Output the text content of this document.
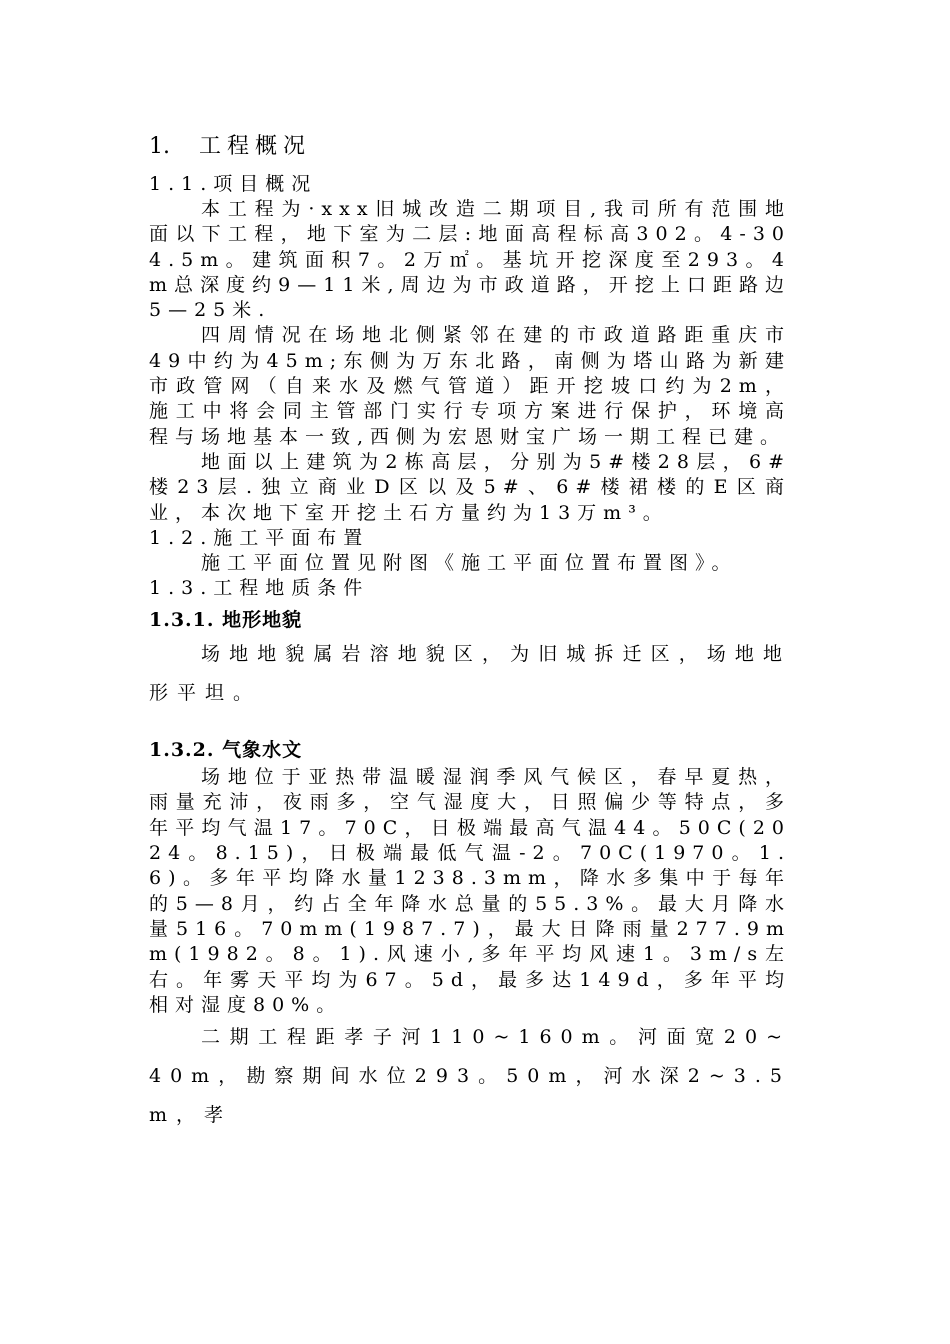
1. 工程概况
1.1.项目概况

本工程为·xxx旧城改造二期项目,我司所有范围地面以下工程，地下室为二层:地面高程标高302。4-304.5m。建筑面积7。2万㎡。基坑开挖深度至293。4m总深度约9—11米,周边为市政道路，开挖上口距路边5—25米.

四周情况在场地北侧紧邻在建的市政道路距重庆市49中约为45m;东侧为万东北路，南侧为塔山路为新建市政管网（自来水及燃气管道）距开挖坡口约为2m，施工中将会同主管部门实行专项方案进行保护，环境高程与场地基本一致,西侧为宏恩财宝广场一期工程已建。

地面以上建筑为2栋高层，分别为5#楼28层，6#楼23层.独立商业D区以及5#、6#楼裙楼的E区商业，本次地下室开挖土石方量约为13万m³。

1.2.施工平面布置

施工平面位置见附图《施工平面位置布置图》。

1.3.工程地质条件
1.3.1. 地形地貌

场地地貌属岩溶地貌区，为旧城拆迁区，场地地形平坦。

1.3.2. 气象水文

场地位于亚热带温暖湿润季风气候区，春早夏热，雨量充沛，夜雨多，空气湿度大，日照偏少等特点，多年平均气温17。70C，日极端最高气温44。50C(2024。8.15)，日极端最低气温-2。70C(1970。1.6)。多年平均降水量1238.3mm，降水多集中于每年的5—8月，约占全年降水总量的55.3%。最大月降水量516。70mm(1987.7)，最大日降雨量277.9mm(1982。8。1).风速小,多年平均风速1。3m/s左右。年雾天平均为67。5d，最多达149d，多年平均相对湿度80%。

二期工程距孝子河110~160m。河面宽20~40m，勘察期间水位293。50m，河水深2~3.5m，孝
